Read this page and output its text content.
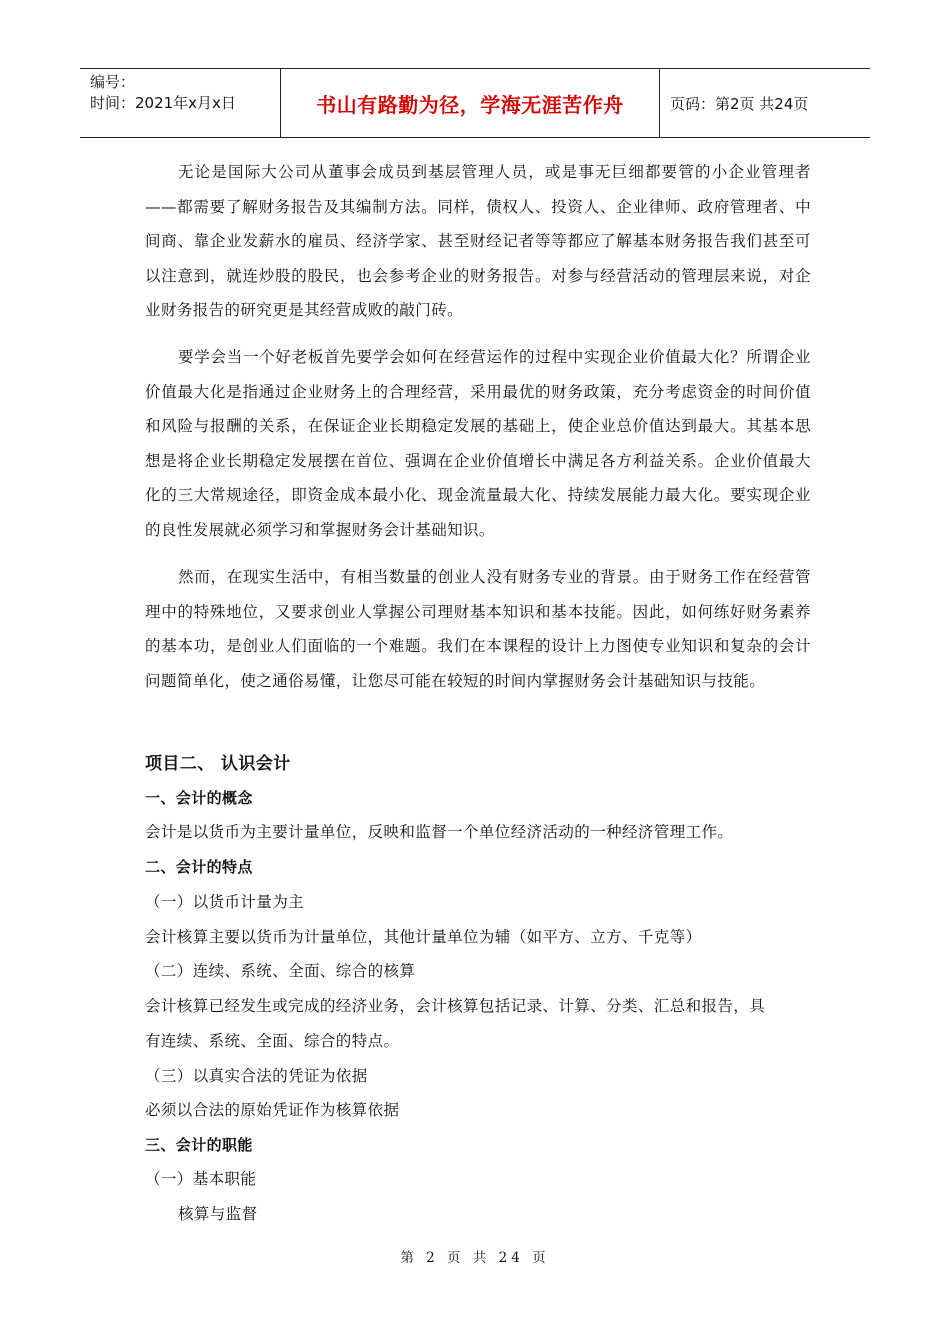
编号：
时间：2021年x月x日	书山有路勤为径，学海无涯苦作舟	页码：第2页 共24页

无论是国际大公司从董事会成员到基层管理人员，或是事无巨细都要管的小企业管理者——都需要了解财务报告及其编制方法。同样，债权人、投资人、企业律师、政府管理者、中间商、靠企业发薪水的雇员、经济学家、甚至财经记者等等都应了解基本财务报告我们甚至可以注意到，就连炒股的股民，也会参考企业的财务报告。对参与经营活动的管理层来说，对企业财务报告的研究更是其经营成败的敲门砖。

要学会当一个好老板首先要学会如何在经营运作的过程中实现企业价值最大化？所谓企业价值最大化是指通过企业财务上的合理经营，采用最优的财务政策，充分考虑资金的时间价值和风险与报酬的关系，在保证企业长期稳定发展的基础上，使企业总价值达到最大。其基本思想是将企业长期稳定发展摆在首位、强调在企业价值增长中满足各方利益关系。企业价值最大化的三大常规途径，即资金成本最小化、现金流量最大化、持续发展能力最大化。要实现企业的良性发展就必须学习和掌握财务会计基础知识。

然而，在现实生活中，有相当数量的创业人没有财务专业的背景。由于财务工作在经营管理中的特殊地位，又要求创业人掌握公司理财基本知识和基本技能。因此，如何练好财务素养的基本功，是创业人们面临的一个难题。我们在本课程的设计上力图使专业知识和复杂的会计问题简单化，使之通俗易懂，让您尽可能在较短的时间内掌握财务会计基础知识与技能。

项目二、 认识会计
一、会计的概念
会计是以货币为主要计量单位，反映和监督一个单位经济活动的一种经济管理工作。
二、会计的特点
（一）以货币计量为主
会计核算主要以货币为计量单位，其他计量单位为辅（如平方、立方、千克等）
（二）连续、系统、全面、综合的核算
会计核算已经发生或完成的经济业务，会计核算包括记录、计算、分类、汇总和报告，具
有连续、系统、全面、综合的特点。
（三）以真实合法的凭证为依据
必须以合法的原始凭证作为核算依据
三、会计的职能
（一）基本职能
核算与监督
第 2 页 共 24 页
